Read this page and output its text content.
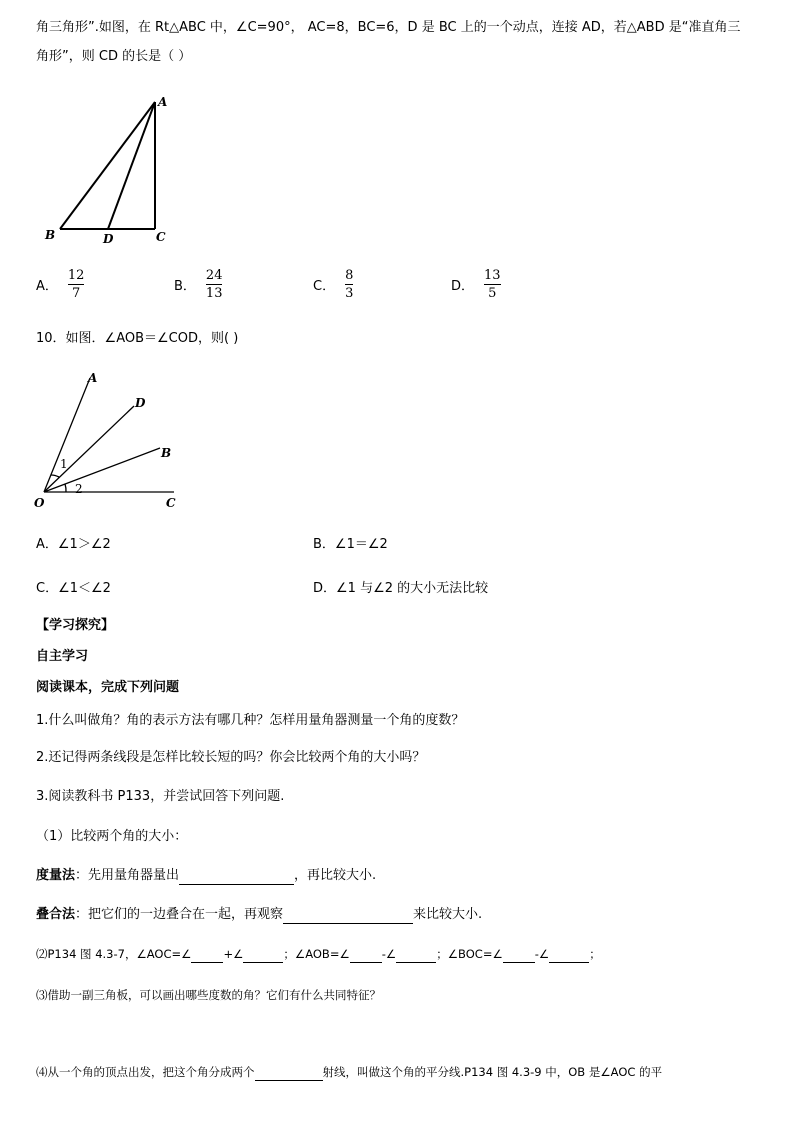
角三角形”.如图，在 Rt△ABC 中，∠C=90°， AC=8，BC=6，D 是 BC 上的一个动点，连接 AD，若△ABD 是“准直角三
角形”，则 CD 的长是（ ）
A
B	D	C
A． $\frac{12}{7}$	B． $\frac{24}{13}$	C． $\frac{8}{3}$	D． $\frac{13}{5}$
10．如图．∠AOB＝∠COD，则( )
A
D
B
C
O
1
2
A． ∠1＞∠2	B． ∠1＝∠2
C． ∠1＜∠2	D． ∠1 与∠2 的大小无法比较
【学习探究】
自主学习
阅读课本，完成下列问题
1.什么叫做角？角的表示方法有哪几种？怎样用量角器测量一个角的度数？
2.还记得两条线段是怎样比较长短的吗？你会比较两个角的大小吗？
3.阅读教科书 P133，并尝试回答下列问题.
（1）比较两个角的大小：
度量法：先用量角器量出	，再比较大小.
叠合法：把它们的一边叠合在一起，再观察	来比较大小.
⑵P134 图 4.3-7，∠AOC=∠	+∠	；∠AOB=∠	-∠	；∠BOC=∠	-∠	；
⑶借助一副三角板，可以画出哪些度数的角？它们有什么共同特征？
⑷从一个角的顶点出发，把这个角分成两个	射线，叫做这个角的平分线.P134 图 4.3-9 中，OB 是∠AOC 的平
